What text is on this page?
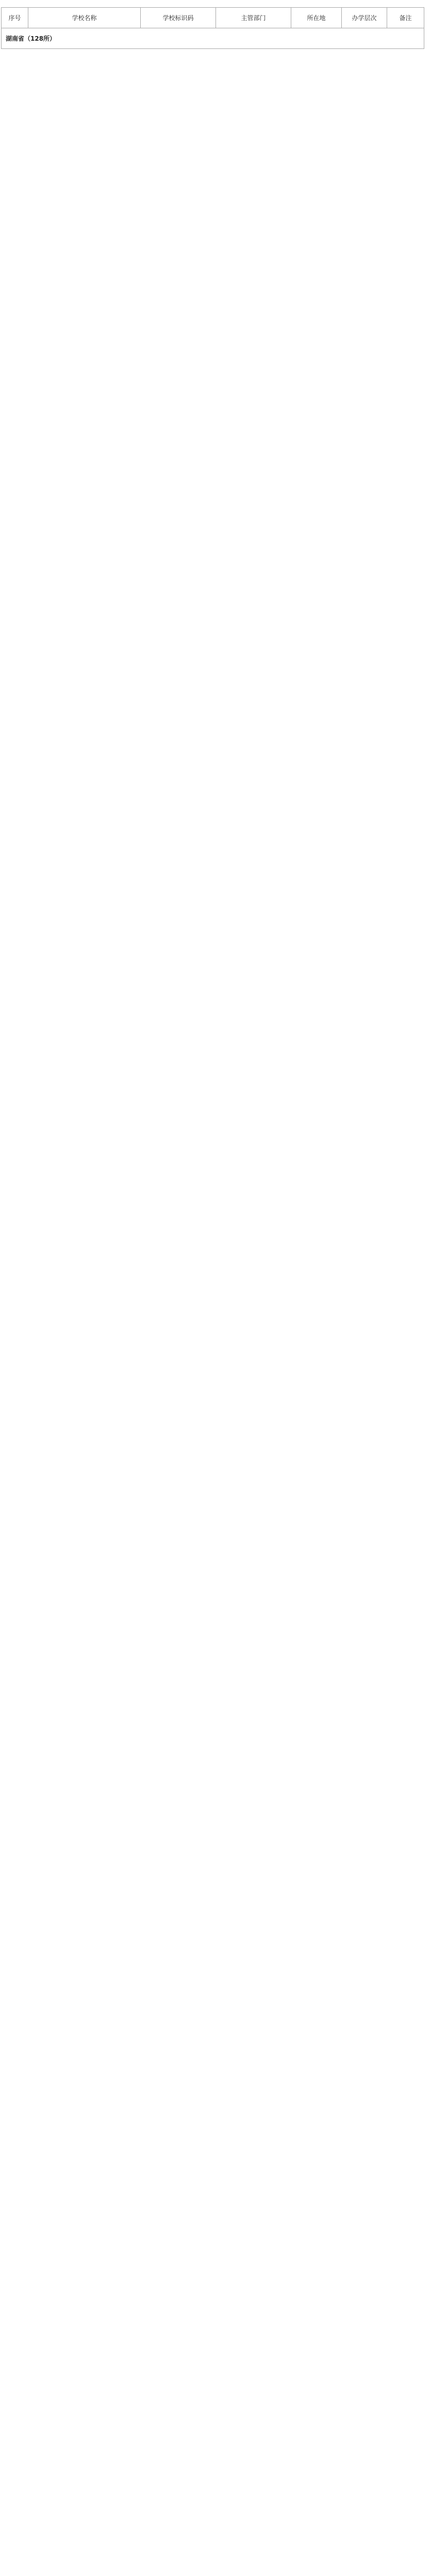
序号	学校名称	学校标识码	主管部门	所在地	办学层次	备注
湖南省（128所）
